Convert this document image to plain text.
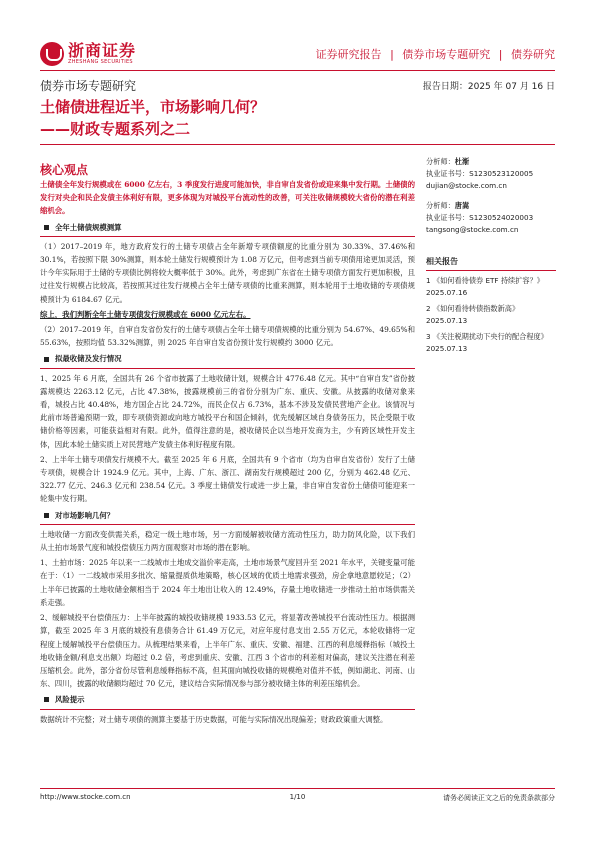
浙商证券
ZHESHANG SECURITIES
证券研究报告 | 债券市场专题研究 | 债券研究
债券市场专题研究	报告日期：2025 年 07 月 16 日
土储债进程近半，市场影响几何？
——财政专题系列之二
核心观点

土储债全年发行规模或在 6000 亿左右，3 季度发行进度可能加快，非自审自发省份或迎来集中发行期。土储债的发行对央企和民企发债主体利好有限，更多体现为对城投平台流动性的改善，可关注收储规模较大省份的潜在利差缩机会。

全年土储债规模测算

（1）2017–2019 年，地方政府发行的土储专项债占全年新增专项债额度的比重分别为 30.33%、37.46%和 30.1%，若按照下限 30%测算，则本轮土储发行规模预计为 1.08 万亿元，但考虑到当前专项债用途更加灵活，预计今年实际用于土储的专项债比例将较大概率低于 30%。此外，考虑到广东省在土储专项债方面发行更加积极，且过往发行规模占比较高，若按照其过往发行规模占全年土储专项债的比重来测算，则本轮用于土地收储的专项债规模预计为 6184.67 亿元。

综上，我们判断全年土储专项债发行规模或在 6000 亿元左右。

（2）2017–2019 年，自审自发省份发行的土储专项债占全年土储专项债规模的比重分别为 54.67%、49.65%和 55.63%，按照均值 53.32%测算，则 2025 年自审自发省份预计发行规模约 3000 亿元。

拟最收储及发行情况

1、2025 年 6 月底，全国共有 26 个省市披露了土地收储计划，规模合计 4776.48 亿元。其中“自审自发”省份披露规模达 2263.12 亿元，占比 47.38%，披露规模前三的省份分别为广东、重庆、安徽。从披露的收储对象来看，城投占比 40.48%，地方国企占比 24.72%，而民企仅占 6.73%，基本不涉及发债民营地产企业。该情况与此前市场普遍预期一致，即专项债资源或向地方城投平台和国企倾斜，优先缓解区域自身债务压力，民企受限于收储价格等因素，可能获益相对有限。此外，值得注意的是，被收储民企以当地开发商为主，少有跨区域性开发主体，因此本轮土储实质上对民营地产发债主体利好程度有限。

2、上半年土储专项债发行规模不大。截至 2025 年 6 月底，全国共有 9 个省市（均为自审自发省份）发行了土储专项债，规模合计 1924.9 亿元。其中，上海、广东、浙江、湖南发行规模超过 200 亿，分别为 462.48 亿元、322.77 亿元、246.3 亿元和 238.54 亿元。3 季度土储债发行或进一步上量，非自审自发省份土储债可能迎来一轮集中发行期。

对市场影响几何？

土地收储一方面改变供需关系，稳定一级土地市场，另一方面缓解被收储方流动性压力，助力防风化险，以下我们从土拍市场景气度和城投偿债压力两方面观察对市场的潜在影响。

1、土拍市场：2025 年以来一二线城市土地成交溢价率走高，土地市场景气度回升至 2021 年水平，关键变量可能在于：（1）一二线城市采用多批次、缩量提质供地策略，核心区域的优质土地需求强劲，房企拿地意愿较足；（2）上半年已披露的土地收储金额相当于 2024 年土地出让收入的 12.49%，存量土地收储进一步推动土拍市场供需关系走强。

2、缓解城投平台偿债压力：上半年披露的城投收储规模 1933.53 亿元，将显著改善城投平台流动性压力。根据测算，截至 2025 年 3 月底的城投有息债务合计 61.49 万亿元，对应年度付息支出 2.55 万亿元，本轮收储将一定程度上缓解城投平台偿债压力。从梳理结果来看，上半年广东、重庆、安徽、福建、江西的利息缓释指标（城投土地收储金额/利息支出额）均超过 0.2 倍，考虑到重庆、安徽、江西 3 个省市的利差相对偏高，建议关注潜在利差压缩机会。此外，部分省份尽管利息缓释指标不高，但其面向城投收储的规模绝对值并不低，例如湖北、河南、山东、四川，披露的收储额均超过 70 亿元，建议结合实际情况参与部分被收储主体的利差压缩机会。

风险提示

数据统计不完整；对土储专项债的测算主要基于历史数据，可能与实际情况出现偏差；财政政策重大调整。

分析师：杜渐
执业证书号：S1230523120005
dujian@stocke.com.cn
分析师：唐嵩
执业证书号：S1230524020003
tangsong@stocke.com.cn
相关报告
1 《如何看待债券 ETF 持续扩容？》 2025.07.16
2 《如何看待转债指数新高》
2025.07.13
3 《关注税期扰动下央行的配合程度》 2025.07.13
http://www.stocke.com.cn	1/10	请务必阅读正文之后的免责条款部分
